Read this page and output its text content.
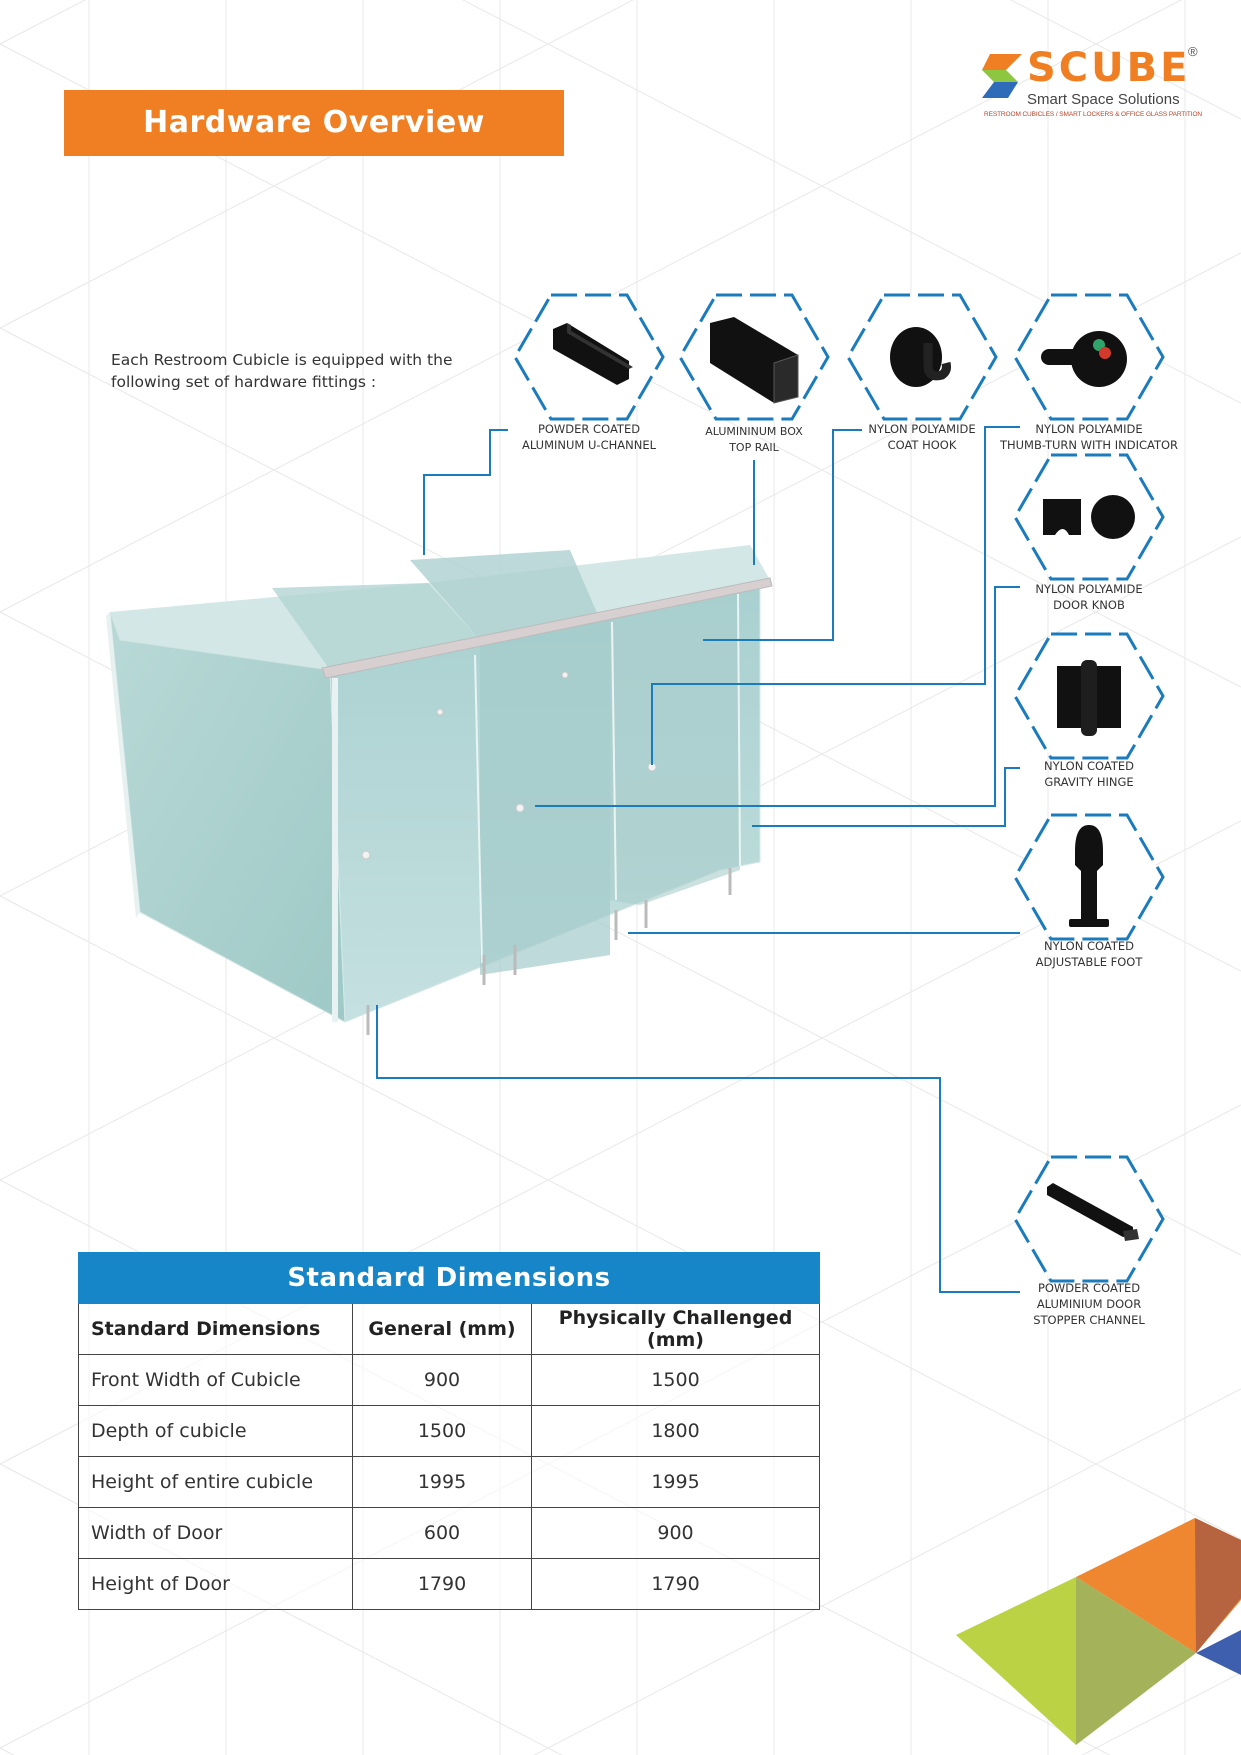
Hardware Overview
SCUBE
®
Smart Space Solutions
RESTROOM CUBICLES / SMART LOCKERS & OFFICE GLASS PARTITION
Each Restroom Cubicle is equipped with the
following set of hardware fittings :
POWDER COATED
ALUMINUM U-CHANNEL
ALUMININUM BOX
TOP RAIL
NYLON POLYAMIDE
COAT HOOK
NYLON POLYAMIDE
THUMB-TURN WITH INDICATOR
NYLON POLYAMIDE
DOOR KNOB
NYLON COATED
GRAVITY HINGE
NYLON COATED
ADJUSTABLE FOOT
POWDER COATED
ALUMINIUM DOOR
STOPPER CHANNEL
Standard Dimensions		
Standard Dimensions	General (mm)	Physically Challenged (mm)
Front Width of Cubicle	900	1500
Depth of cubicle	1500	1800
Height of entire cubicle	1995	1995
Width of Door	600	900
Height of Door	1790	1790
